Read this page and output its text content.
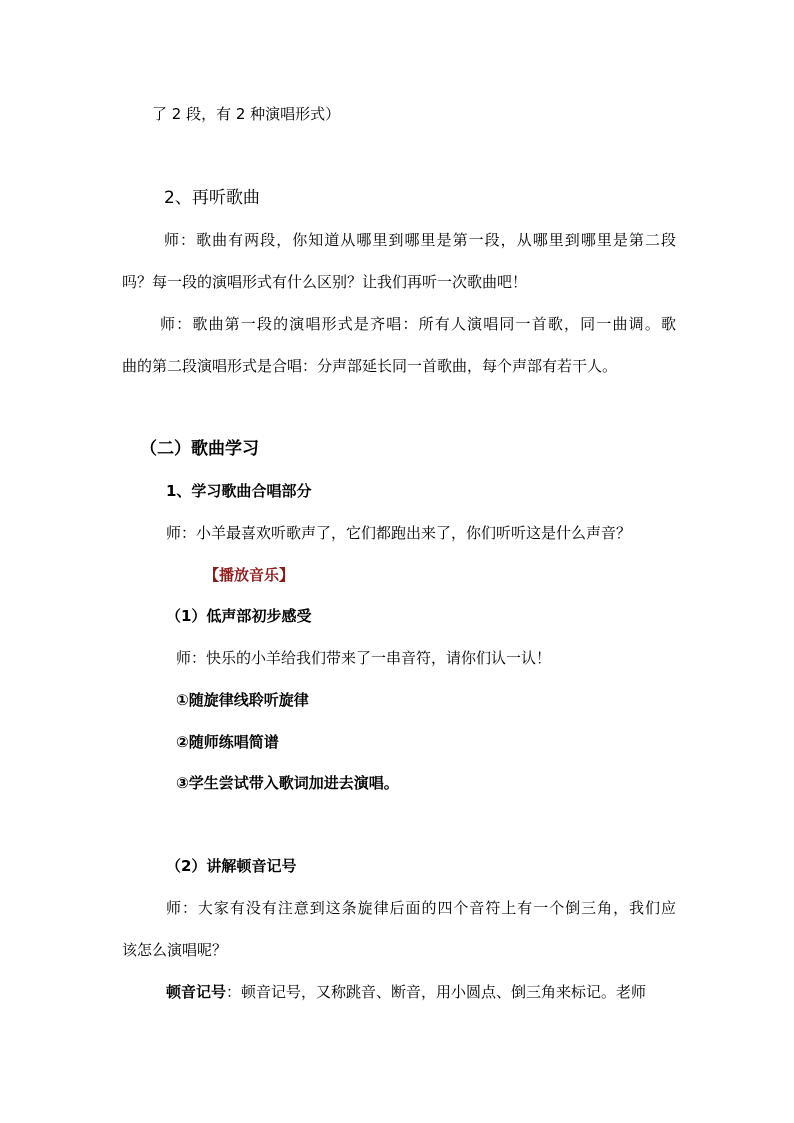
了 2 段，有 2 种演唱形式）
2、再听歌曲
师：歌曲有两段，你知道从哪里到哪里是第一段，从哪里到哪里是第二段
吗？每一段的演唱形式有什么区别？让我们再听一次歌曲吧！
师：歌曲第一段的演唱形式是齐唱：所有人演唱同一首歌，同一曲调。歌
曲的第二段演唱形式是合唱：分声部延长同一首歌曲，每个声部有若干人。
（二）歌曲学习
1、学习歌曲合唱部分
师：小羊最喜欢听歌声了，它们都跑出来了，你们听听这是什么声音？
【播放音乐】
（1）低声部初步感受
师：快乐的小羊给我们带来了一串音符，请你们认一认！
①随旋律线聆听旋律
②随师练唱简谱
③学生尝试带入歌词加进去演唱。
（2）讲解顿音记号
师：大家有没有注意到这条旋律后面的四个音符上有一个倒三角，我们应
该怎么演唱呢？
顿音记号：顿音记号，又称跳音、断音，用小圆点、倒三角来标记。老师
